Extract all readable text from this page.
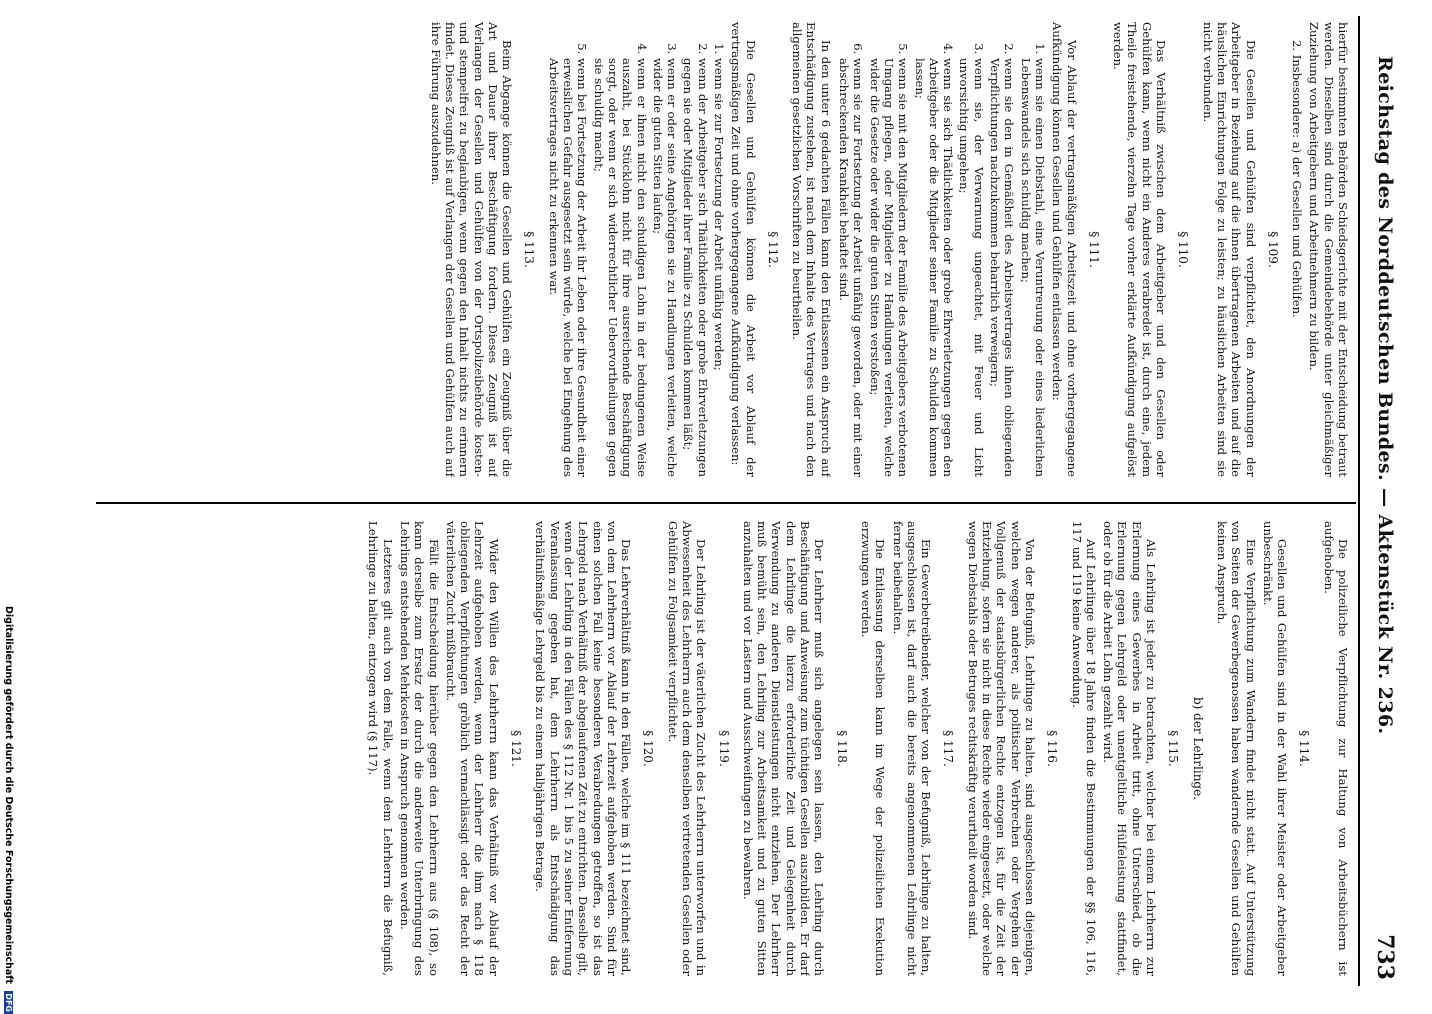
Digitalisierung gefördert durch die Deutsche Forschungsgemeinschaft DFG
Reichstag des Norddeutschen Bundes. — Aktenstück Nr. 236.
733

hierfür bestimmten Behörden Schiedsgerichte mit der Entscheidung betraut werden. Dieselben sind durch die Gemeindebehörde unter gleichmäßiger Zuziehung von Arbeitgebern und Arbeitnehmern zu bilden.

2. Insbesondere: a) der Gesellen und Gehülfen.

§ 109.

Die Gesellen und Gehülfen sind verpflichtet, den Anordnungen der Arbeitgeber in Beziehung auf die ihnen übertragenen Arbeiten und auf die häuslichen Einrichtungen Folge zu leisten; zu häuslichen Arbeiten sind sie nicht verbunden.

§ 110.

Das Verhältniß zwischen dem Arbeitgeber und den Gesellen oder Gehülfen kann, wenn nicht ein Anderes verabredet ist, durch eine, jedem Theile freistehende, vierzehn Tage vorher erklärte Aufkündigung aufgelöst werden.

§ 111.

Vor Ablauf der vertragsmäßigen Arbeitszeit und ohne vorhergegangene Aufkündigung können Gesellen und Gehülfen entlassen werden:

1. wenn sie einen Diebstahl, eine Veruntreuung oder eines liederlichen Lebenswandels sich schuldig machen;
2. wenn sie den in Gemäßheit des Arbeitsvertrages ihnen obliegenden Verpflichtungen nachzukommen beharrlich verweigern;
3. wenn sie, der Verwarnung ungeachtet, mit Feuer und Licht unvorsichtig umgehen;
4. wenn sie sich Thätlichkeiten oder grobe Ehrverletzungen gegen den Arbeitgeber oder die Mitglieder seiner Familie zu Schulden kommen lassen;
5. wenn sie mit den Mitgliedern der Familie des Arbeitgebers verbotenen Umgang pflegen, oder Mitglieder zu Handlungen verleiten, welche wider die Gesetze oder wider die guten Sitten verstoßen;
6. wenn sie zur Fortsetzung der Arbeit unfähig geworden, oder mit einer abschreckenden Krankheit behaftet sind.

In den unter 6 gedachten Fällen kann den Entlassenen ein Anspruch auf Entschädigung zustehen, ist nach dem Inhalte des Vertrages und nach den allgemeinen gesetzlichen Vorschriften zu beurtheilen.

§ 112.

Die Gesellen und Gehülfen können die Arbeit vor Ablauf der vertragsmäßigen Zeit und ohne vorhergegangene Aufkündigung verlassen:

1. wenn sie zur Fortsetzung der Arbeit unfähig werden;
2. wenn der Arbeitgeber sich Thätlichkeiten oder grobe Ehrverletzungen gegen sie oder Mitglieder ihrer Familie zu Schulden kommen läßt;
3. wenn er oder seine Angehörigen sie zu Handlungen verleiten, welche wider die guten Sitten laufen;
4. wenn er ihnen nicht den schuldigen Lohn in der bedungenen Weise auszahlt, bei Stücklohn nicht für ihre ausreichende Beschäftigung sorgt, oder wenn er sich widerrechtlicher Uebervortheilungen gegen sie schuldig macht;
5. wenn bei Fortsetzung der Arbeit ihr Leben oder ihre Gesundheit einer erweislichen Gefahr ausgesetzt sein würde, welche bei Eingehung des Arbeitsvertrages nicht zu erkennen war.
§ 113.

Beim Abgange können die Gesellen und Gehülfen ein Zeugniß über die Art und Dauer ihrer Beschäftigung fordern. Dieses Zeugniß ist auf Verlangen der Gesellen und Gehülfen von der Ortspolizeibehörde kosten- und stempelfrei zu beglaubigen, wenn gegen den Inhalt nichts zu erinnern findet. Dieses Zeugniß ist auf Verlangen der Gesellen und Gehülfen auch auf ihre Führung auszudehnen.

Die polizeiliche Verpflichtung zur Haltung von Arbeitsbüchern ist aufgehoben.

§ 114.

Gesellen und Gehülfen sind in der Wahl ihrer Meister oder Arbeitgeber unbeschränkt.

Eine Verpflichtung zum Wandern findet nicht statt. Auf Unterstützung von Seiten der Gewerbegenossen haben wandernde Gesellen und Gehülfen keinen Anspruch.

b) der Lehrlinge.
§ 115.

Als Lehrling ist jeder zu betrachten, welcher bei einem Lehrherrn zur Erlernung eines Gewerbes in Arbeit tritt, ohne Unterschied, ob die Erlernung gegen Lehrgeld oder unentgeltliche Hülfeleistung stattfindet, oder ob für die Arbeit Lohn gezahlt wird.

Auf Lehrlinge über 18 Jahre finden die Bestimmungen der §§ 106, 116, 117 und 119 keine Anwendung.

§ 116.

Von der Befugniß, Lehrlinge zu halten, sind ausgeschlossen diejenigen, welchen wegen anderer, als politischer Verbrechen oder Vergehen der Vollgenuß der staatsbürgerlichen Rechte entzogen ist, für die Zeit der Entziehung, sofern sie nicht in diese Rechte wieder eingesetzt, oder welche wegen Diebstahls oder Betruges rechtskräftig verurtheilt worden sind.

§ 117.

Ein Gewerbetreibender, welcher von der Befugniß, Lehrlinge zu halten, ausgeschlossen ist, darf auch die bereits angenommenen Lehrlinge nicht ferner beibehalten.

Die Entlassung derselben kann im Wege der polizeilichen Exekution erzwungen werden.

§ 118.

Der Lehrherr muß sich angelegen sein lassen, den Lehrling durch Beschäftigung und Anweisung zum tüchtigen Gesellen auszubilden. Er darf dem Lehrlinge die hierzu erforderliche Zeit und Gelegenheit durch Verwendung zu anderen Dienstleistungen nicht entziehen. Der Lehrherr muß bemüht sein, den Lehrling zur Arbeitsamkeit und zu guten Sitten anzuhalten und vor Lastern und Ausschweifungen zu bewahren.

§ 119.

Der Lehrling ist der väterlichen Zucht des Lehrherrn unterworfen und in Abwesenheit des Lehrherrn auch dem denselben vertretenden Gesellen oder Gehülfen zu Folgsamkeit verpflichtet.

§ 120.

Das Lehrverhältniß kann in den Fällen, welche im § 111 bezeichnet sind, von dem Lehrherrn vor Ablauf der Lehrzeit aufgehoben werden. Sind für einen solchen Fall keine besonderen Verabredungen getroffen, so ist das Lehrgeld nach Verhältniß der abgelaufenen Zeit zu entrichten. Dasselbe gilt, wenn der Lehrling in den Fällen des § 112 Nr. 1 bis 5 zu seiner Entfernung Veranlassung gegeben hat, dem Lehrherrn als Entschädigung das verhältnißmäßige Lehrgeld bis zu einem halbjährigen Betrage.

§ 121.

Wider den Willen des Lehrherrn kann das Verhältniß vor Ablauf der Lehrzeit aufgehoben werden, wenn der Lehrherr die ihm nach § 118 obliegenden Verpflichtungen gröblich vernachlässigt oder das Recht der väterlichen Zucht mißbraucht.

Fällt die Entscheidung hierüber gegen den Lehrherrn aus (§ 108), so kann derselbe zum Ersatz der durch die anderweite Unterbringung des Lehrlings entstehenden Mehrkosten in Anspruch genommen werden.

Letzteres gilt auch von dem Falle, wenn dem Lehrherrn die Befugniß, Lehrlinge zu halten, entzogen wird (§ 117).
